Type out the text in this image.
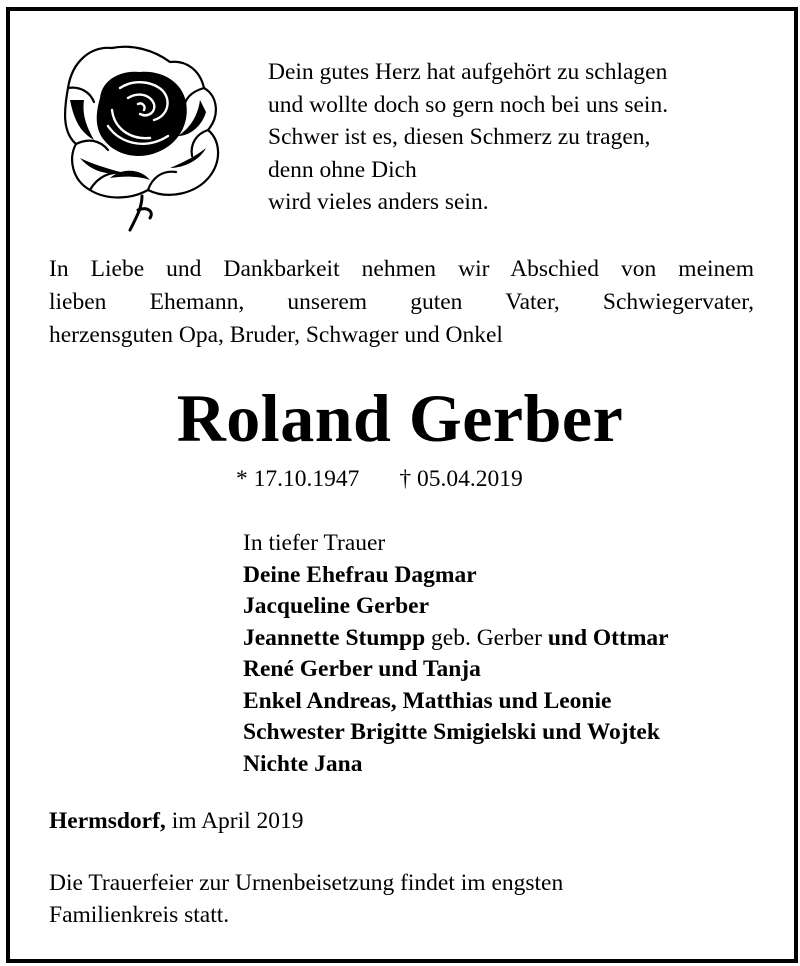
Dein gutes Herz hat aufgehört zu schlagen
und wollte doch so gern noch bei uns sein.
Schwer ist es, diesen Schmerz zu tragen,
denn ohne Dich
wird vieles anders sein.
In Liebe und Dankbarkeit nehmen wir Abschied von meinem
lieben Ehemann, unserem guten Vater, Schwiegervater,
herzensguten Opa, Bruder, Schwager und Onkel
Roland Gerber
* 17.10.1947 † 05.04.2019
In tiefer Trauer
Deine Ehefrau Dagmar
Jacqueline Gerber
Jeannette Stumpp geb. Gerber und Ottmar
René Gerber und Tanja
Enkel Andreas, Matthias und Leonie
Schwester Brigitte Smigielski und Wojtek
Nichte Jana
Hermsdorf, im April 2019
Die Trauerfeier zur Urnenbeisetzung findet im engsten
Familienkreis statt.
